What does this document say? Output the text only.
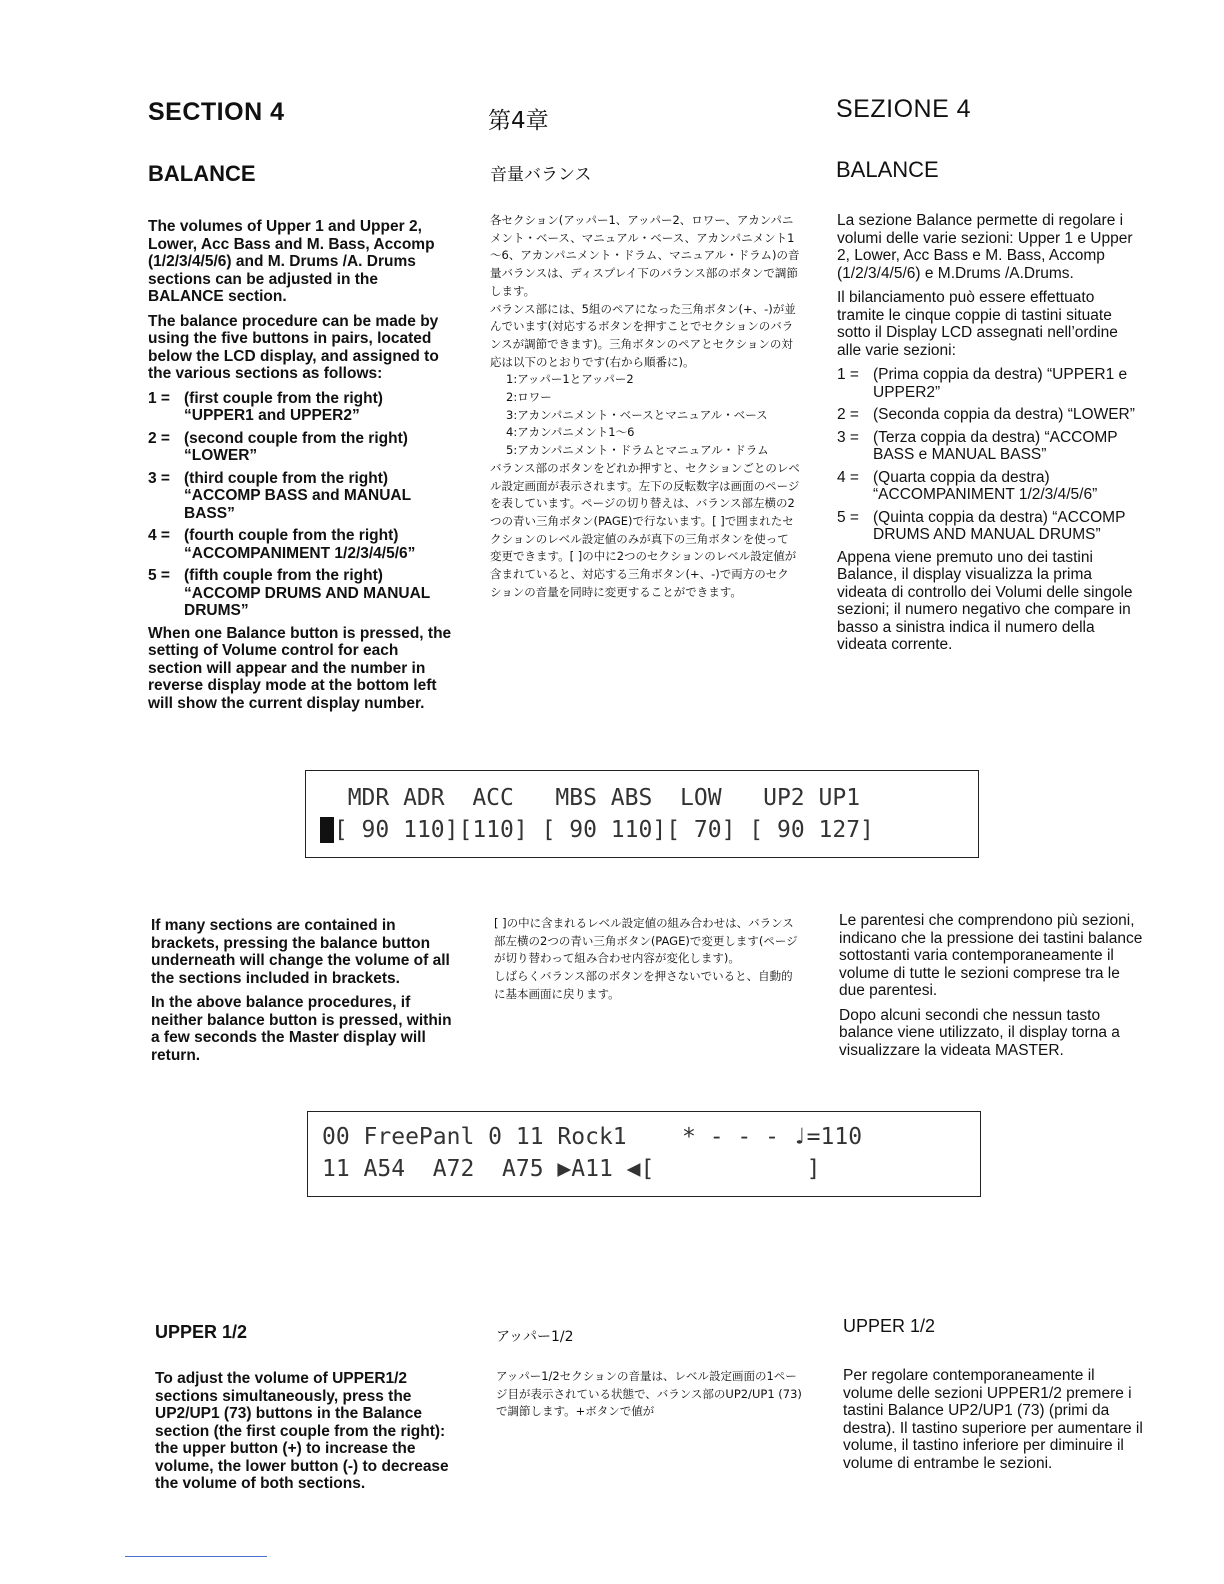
SECTION 4	第4章	SEZIONE 4
BALANCE	音量バランス	BALANCE

The volumes of Upper 1 and Upper 2, Lower, Acc Bass and M. Bass, Accomp (1/2/3/4/5/6) and M. Drums /A. Drums sections can be adjusted in the BALANCE section.

The balance procedure can be made by using the five buttons in pairs, located below the LCD display, and assigned to the various sections as follows:

1 = (first couple from the right) “UPPER1 and UPPER2”
2 = (second couple from the right) “LOWER”
3 = (third couple from the right) “ACCOMP BASS and MANUAL BASS”
4 = (fourth couple from the right) “ACCOMPANIMENT 1/2/3/4/5/6”
5 = (fifth couple from the right) “ACCOMP DRUMS AND MANUAL DRUMS”

When one Balance button is pressed, the setting of Volume control for each section will appear and the number in reverse display mode at the bottom left will show the current display number.

各セクション(アッパー1、アッパー2、ロワー、アカンパニメント・ベース、マニュアル・ベース、アカンパニメント1～6、アカンパニメント・ドラム、マニュアル・ドラム)の音量バランスは、ディスプレイ下のバランス部のボタンで調節します。

バランス部には、5組のペアになった三角ボタン(+、-)が並んでいます(対応するボタンを押すことでセクションのバランスが調節できます)。三角ボタンのペアとセクションの対応は以下のとおりです(右から順番に)。

1:アッパー1とアッパー2

2:ロワー

3:アカンパニメント・ベースとマニュアル・ベース

4:アカンパニメント1～6

5:アカンパニメント・ドラムとマニュアル・ドラム

バランス部のボタンをどれか押すと、セクションごとのレベル設定画面が表示されます。左下の反転数字は画面のページを表しています。ページの切り替えは、バランス部左横の2つの青い三角ボタン(PAGE)で行ないます。[ ]で囲まれたセクションのレベル設定値のみが真下の三角ボタンを使って変更できます。[ ]の中に2つのセクションのレベル設定値が含まれていると、対応する三角ボタン(+、-)で両方のセクションの音量を同時に変更することができます。

La sezione Balance permette di regolare i volumi delle varie sezioni: Upper 1 e Upper 2, Lower, Acc Bass e M. Bass, Accomp (1/2/3/4/5/6) e M.Drums /A.Drums.

Il bilanciamento può essere effettuato tramite le cinque coppie di tastini situate sotto il Display LCD assegnati nell’ordine alle varie sezioni:

1 = (Prima coppia da destra) “UPPER1 e UPPER2”
2 = (Seconda coppia da destra) “LOWER”
3 = (Terza coppia da destra) “ACCOMP BASS e MANUAL BASS”
4 = (Quarta coppia da destra) “ACCOMPANIMENT 1/2/3/4/5/6”
5 = (Quinta coppia da destra) “ACCOMP DRUMS AND MANUAL DRUMS”

Appena viene premuto uno dei tastini Balance, il display visualizza la prima videata di controllo dei Volumi delle singole sezioni; il numero negativo che compare in basso a sinistra indica il numero della videata corrente.

MDR ADR  ACC   MBS ABS  LOW   UP2 UP1

1[ 90 110][110] [ 90 110][ 70] [ 90 127]

If many sections are contained in brackets, pressing the balance button underneath will change the volume of all the sections included in brackets.

In the above balance procedures, if neither balance button is pressed, within a few seconds the Master display will return.

[ ]の中に含まれるレベル設定値の組み合わせは、バランス部左横の2つの青い三角ボタン(PAGE)で変更します(ページが切り替わって組み合わせ内容が変化します)。

しばらくバランス部のボタンを押さないでいると、自動的に基本画面に戻ります。

Le parentesi che comprendono più sezioni, indicano che la pressione dei tastini balance sottostanti varia contemporaneamente il volume di tutte le sezioni comprese tra le due parentesi.

Dopo alcuni secondi che nessun tasto balance viene utilizzato, il display torna a visualizzare la videata MASTER.

00 FreePanl 0 11 Rock1    * - - - ♩=110

11 A54  A72  A75 ▶A11 ◀[           ]

UPPER 1/2	アッパー1/2
UPPER 1/2
To adjust the volume of UPPER1/2 sections simultaneously, press the UP2/UP1 (73) buttons in the Balance section (the first couple from the right): the upper button (+) to increase the volume, the lower button (-) to decrease the volume of both sections.
アッパー1/2セクションの音量は、レベル設定画面の1ページ目が表示されている状態で、バランス部のUP2/UP1 (73)で調節します。+ボタンで値が
Per regolare contemporaneamente il volume delle sezioni UPPER1/2 premere i tastini Balance UP2/UP1 (73) (primi da destra). Il tastino superiore per aumentare il volume, il tastino inferiore per diminuire il volume di entrambe le sezioni.
